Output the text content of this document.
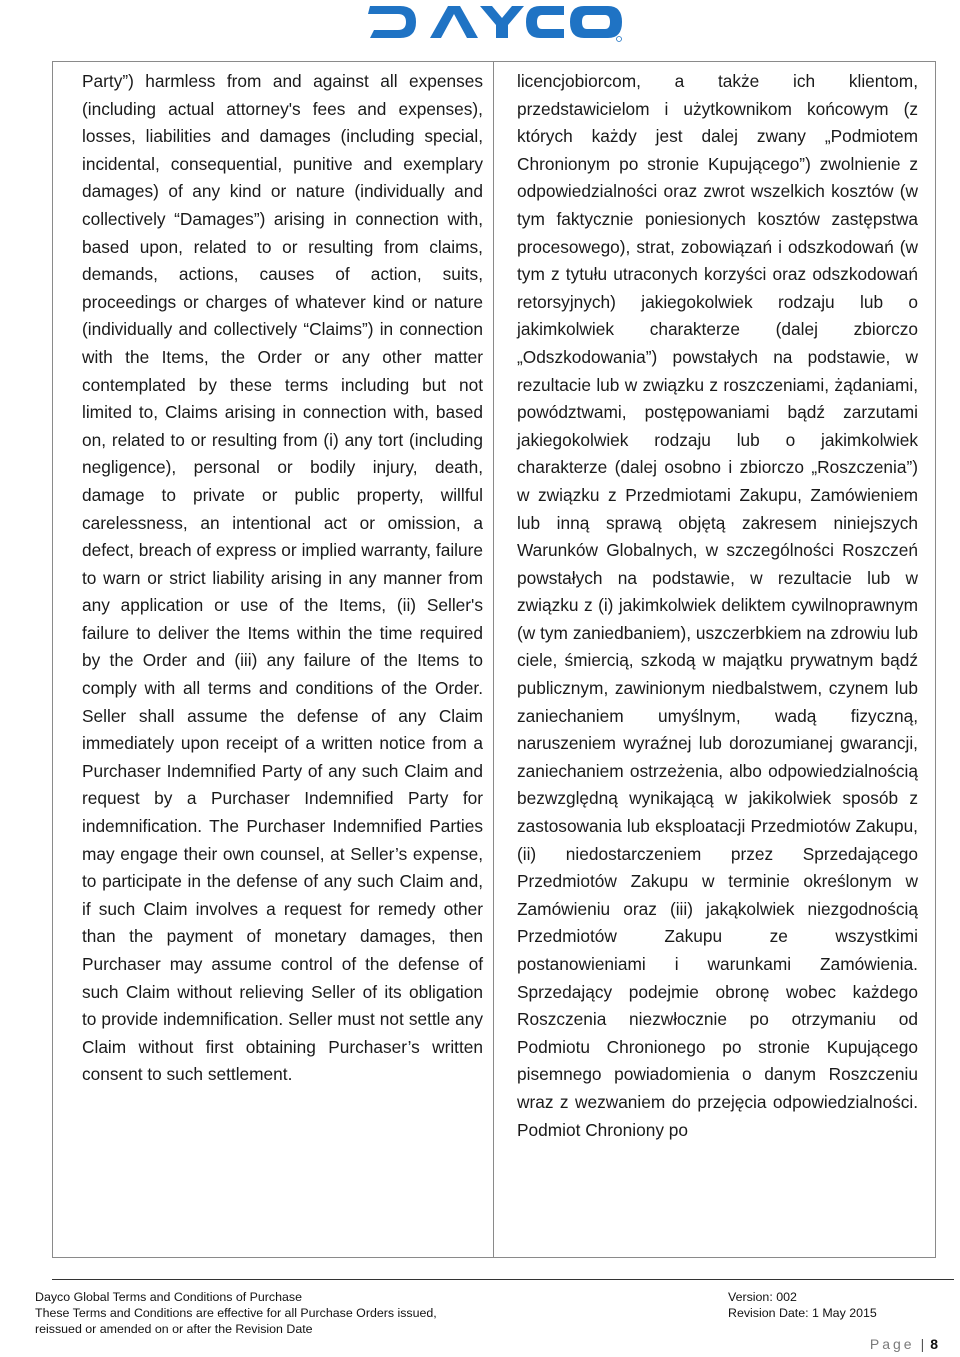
Party”) harmless from and against all expenses (including actual attorney's fees and expenses), losses, liabilities and damages (including special, incidental, consequential, punitive and exemplary damages) of any kind or nature (individually and collectively “Damages”) arising in connection with, based upon, related to or resulting from claims, demands, actions, causes of action, suits, proceedings or charges of whatever kind or nature (individually and collectively “Claims”) in connection with the Items, the Order or any other matter contemplated by these terms including but not limited to, Claims arising in connection with, based on, related to or resulting from (i) any tort (including negligence), personal or bodily injury, death, damage to private or public property, willful carelessness, an intentional act or omission, a defect, breach of express or implied warranty, failure to warn or strict liability arising in any manner from any application or use of the Items, (ii) Seller's failure to deliver the Items within the time required by the Order and (iii) any failure of the Items to comply with all terms and conditions of the Order. Seller shall assume the defense of any Claim immediately upon receipt of a written notice from a Purchaser Indemnified Party of any such Claim and request by a Purchaser Indemnified Party for indemnification. The Purchaser Indemnified Parties may engage their own counsel, at Seller’s expense, to participate in the defense of any such Claim and, if such Claim involves a request for remedy other than the payment of monetary damages, then Purchaser may assume control of the defense of such Claim without relieving Seller of its obligation to provide indemnification. Seller must not settle any Claim without first obtaining Purchaser’s written consent to such settlement.

licencjobiorcom, a także ich klientom, przedstawicielom i użytkownikom końcowym (z których każdy jest dalej zwany „Podmiotem Chronionym po stronie Kupującego”) zwolnienie z odpowiedzialności oraz zwrot wszelkich kosztów (w tym faktycznie poniesionych kosztów zastępstwa procesowego), strat, zobowiązań i odszkodowań (w tym z tytułu utraconych korzyści oraz odszkodowań retorsyjnych) jakiegokolwiek rodzaju lub o jakimkolwiek charakterze (dalej zbiorczo „Odszkodowania”) powstałych na podstawie, w rezultacie lub w związku z roszczeniami, żądaniami, powództwami, postępowaniami bądź zarzutami jakiegokolwiek rodzaju lub o jakimkolwiek charakterze (dalej osobno i zbiorczo „Roszczenia”) w związku z Przedmiotami Zakupu, Zamówieniem lub inną sprawą objętą zakresem niniejszych Warunków Globalnych, w szczególności Roszczeń powstałych na podstawie, w rezultacie lub w związku z (i) jakimkolwiek deliktem cywilnoprawnym (w tym zaniedbaniem), uszczerbkiem na zdrowiu lub ciele, śmiercią, szkodą w majątku prywatnym bądź publicznym, zawinionym niedbalstwem, czynem lub zaniechaniem umyślnym, wadą fizyczną, naruszeniem wyraźnej lub dorozumianej gwarancji, zaniechaniem ostrzeżenia, albo odpowiedzialnością bezwzględną wynikającą w jakikolwiek sposób z zastosowania lub eksploatacji Przedmiotów Zakupu, (ii) niedostarczeniem przez Sprzedającego Przedmiotów Zakupu w terminie określonym w Zamówieniu oraz (iii) jakąkolwiek niezgodnością Przedmiotów Zakupu ze wszystkimi postanowieniami i warunkami Zamówienia. Sprzedający podejmie obronę wobec każdego Roszczenia niezwłocznie po otrzymaniu od Podmiotu Chronionego po stronie Kupującego pisemnego powiadomienia o danym Roszczeniu wraz z wezwaniem do przejęcia odpowiedzialności. Podmiot Chroniony po

Dayco Global Terms and Conditions of Purchase
These Terms and Conditions are effective for all Purchase Orders issued,
reissued or amended on or after the Revision Date
Version: 002
Revision Date: 1 May 2015
Page | 8
